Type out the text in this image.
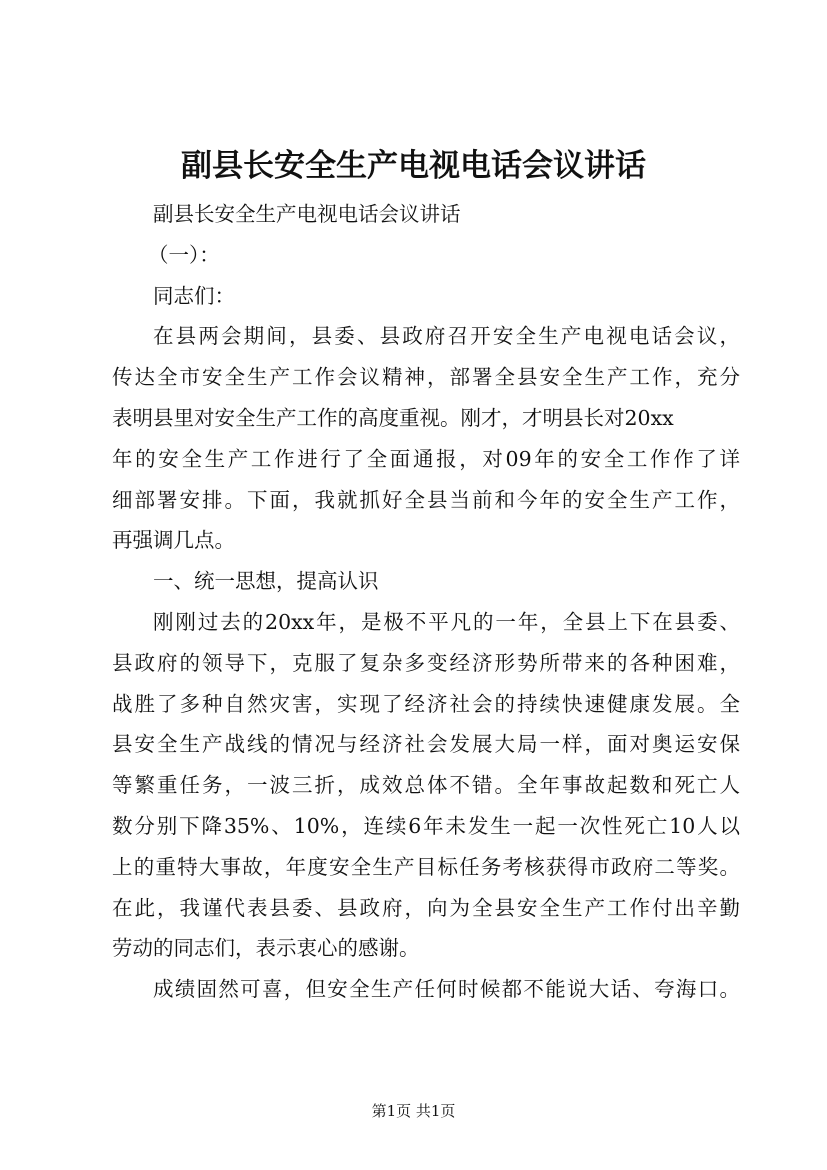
副县长安全生产电视电话会议讲话
副县长安全生产电视电话会议讲话
（一）：
同志们：
在县两会期间，县委、县政府召开安全生产电视电话会议，
传达全市安全生产工作会议精神，部署全县安全生产工作，充分
表明县里对安全生产工作的高度重视。刚才，才明县长对20xx
年的安全生产工作进行了全面通报，对09年的安全工作作了详
细部署安排。下面，我就抓好全县当前和今年的安全生产工作，
再强调几点。
一、统一思想，提高认识
刚刚过去的20xx年，是极不平凡的一年，全县上下在县委、
县政府的领导下，克服了复杂多变经济形势所带来的各种困难，
战胜了多种自然灾害，实现了经济社会的持续快速健康发展。全
县安全生产战线的情况与经济社会发展大局一样，面对奥运安保
等繁重任务，一波三折，成效总体不错。全年事故起数和死亡人
数分别下降35%、10%，连续6年未发生一起一次性死亡10人以
上的重特大事故，年度安全生产目标任务考核获得市政府二等奖。
在此，我谨代表县委、县政府，向为全县安全生产工作付出辛勤
劳动的同志们，表示衷心的感谢。
成绩固然可喜，但安全生产任何时候都不能说大话、夸海口。
第1页 共1页
